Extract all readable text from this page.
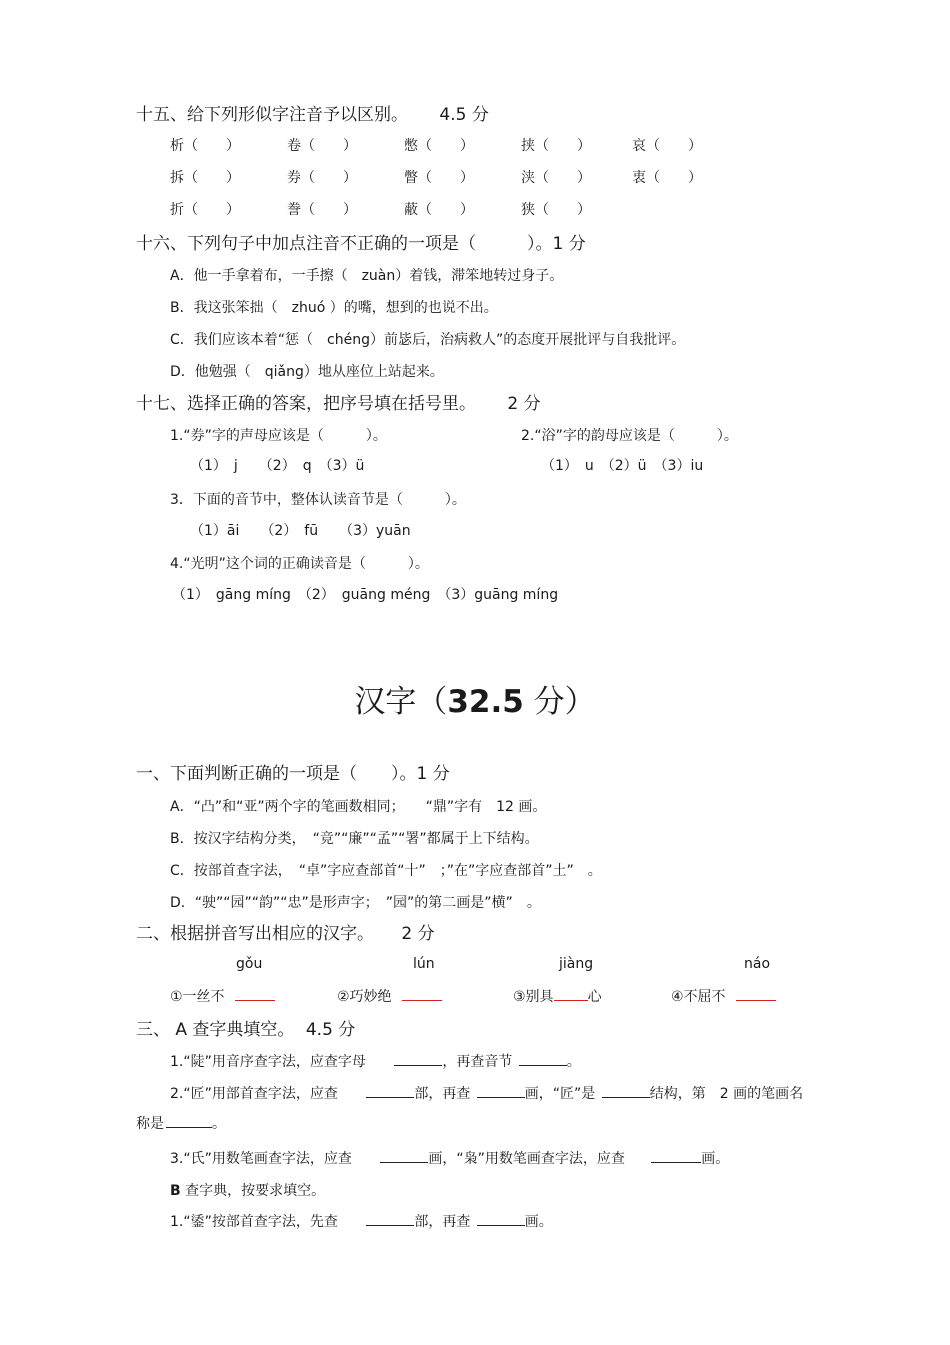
十五、给下列形似字注音予以区别。 4.5 分
析（　　）	卷（　　）	憋（　　）	挟（　　）	哀（　　）
拆（　　）	券（　　）	瞥（　　）	浃（　　）	衷（　　）
折（　　）	誊（　　）	蔽（　　）	狭（　　）
十六、下列句子中加点注音不正确的一项是（　　　）。1 分
A．他一手拿着布，一手擦（　zuàn）着钱，滞笨地转过身子。
B．我这张笨拙（　zhuó ）的嘴，想到的也说不出。
C．我们应该本着“惩（　chéng）前毖后，治病救人”的态度开展批评与自我批评。
D．他勉强（　qiǎng）地从座位上站起来。
十七、选择正确的答案，把序号填在括号里。 2 分
1.“券”字的声母应该是（　　　）。	2.“浴”字的韵母应该是（　　　）。
（1）　j　　（2）　q　（3）ü	（1）　u　（2）ü　（3）iu
3．下面的音节中，整体认读音节是（　　　）。
（1）āi　　（2）　fū　　（3）yuān
4.“光明”这个词的正确读音是（　　　）。
（1）　gāng míng　（2）　guāng méng　（3）guāng míng
汉字（32.5 分）
一、下面判断正确的一项是（　　）。1 分
A．“凸”和“亚”两个字的笔画数相同；　　“鼎”字有　12 画。
B．按汉字结构分类，　“竞”“廉”“孟”“署”都属于上下结构。
C．按部首查字法，　“卓”字应查部首“十”　；”在”字应查部首”土”　。
D．“驶”“园”“韵”“忠”是形声字；　”园”的第二画是”横”　。
二、根据拼音写出相应的汉字。 2 分
gǒu	lún	jiàng	náo
①一丝不	②巧妙绝	③别具 心	④不屈不
三、 A 查字典填空。 4.5 分
1.“陡”用音序查字法，应查字母	，再查音节	。
2.“匠”用部首查字法，应查	部，再查	画，“匠”是	结构，第　2 画的笔画名
称是	。
3.“氏”用数笔画查字法，应查	画，“枭”用数笔画查字法，应查	画。
B 查字典，按要求填空。
1.“鋈”按部首查字法，先查	部，再查	画。
